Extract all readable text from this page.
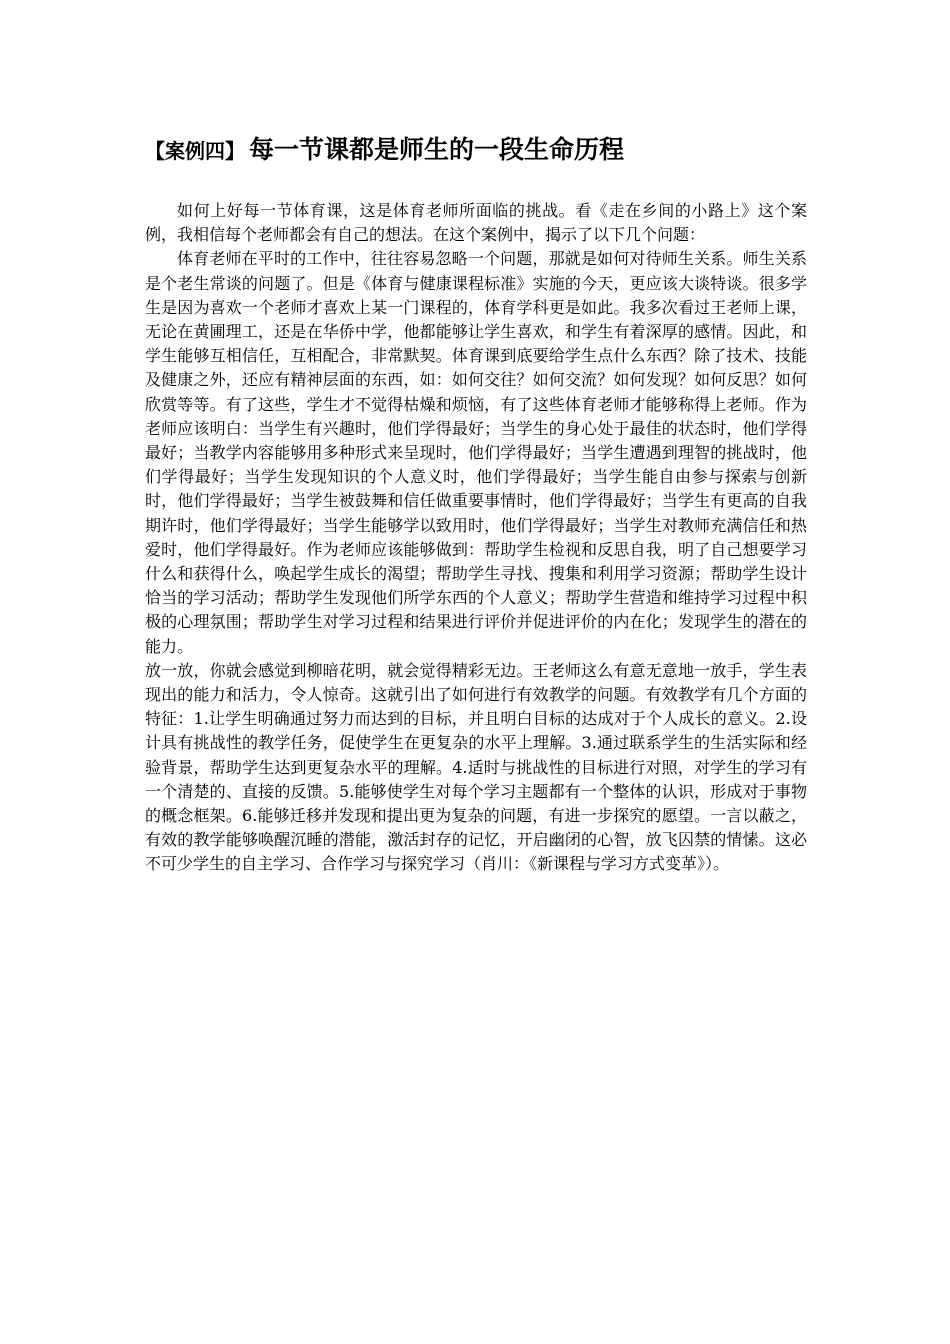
【案例四】 每一节课都是师生的一段生命历程

如何上好每一节体育课，这是体育老师所面临的挑战。看《走在乡间的小路上》这个案例，我相信每个老师都会有自己的想法。在这个案例中，揭示了以下几个问题：

体育老师在平时的工作中，往往容易忽略一个问题，那就是如何对待师生关系。师生关系是个老生常谈的问题了。但是《体育与健康课程标准》实施的今天，更应该大谈特谈。很多学生是因为喜欢一个老师才喜欢上某一门课程的，体育学科更是如此。我多次看过王老师上课，无论在黄圃理工，还是在华侨中学，他都能够让学生喜欢，和学生有着深厚的感情。因此，和学生能够互相信任，互相配合，非常默契。体育课到底要给学生点什么东西？除了技术、技能及健康之外，还应有精神层面的东西，如：如何交往？如何交流？如何发现？如何反思？如何欣赏等等。有了这些，学生才不觉得枯燥和烦恼，有了这些体育老师才能够称得上老师。作为老师应该明白：当学生有兴趣时，他们学得最好；当学生的身心处于最佳的状态时，他们学得最好；当教学内容能够用多种形式来呈现时，他们学得最好；当学生遭遇到理智的挑战时，他们学得最好；当学生发现知识的个人意义时，他们学得最好；当学生能自由参与探索与创新时，他们学得最好；当学生被鼓舞和信任做重要事情时，他们学得最好；当学生有更高的自我期许时，他们学得最好；当学生能够学以致用时，他们学得最好；当学生对教师充满信任和热爱时，他们学得最好。作为老师应该能够做到：帮助学生检视和反思自我，明了自己想要学习什么和获得什么，唤起学生成长的渴望；帮助学生寻找、搜集和利用学习资源；帮助学生设计恰当的学习活动；帮助学生发现他们所学东西的个人意义；帮助学生营造和维持学习过程中积极的心理氛围；帮助学生对学习过程和结果进行评价并促进评价的内在化；发现学生的潜在的能力。

放一放，你就会感觉到柳暗花明，就会觉得精彩无边。王老师这么有意无意地一放手，学生表现出的能力和活力，令人惊奇。这就引出了如何进行有效教学的问题。有效教学有几个方面的特征：1.让学生明确通过努力而达到的目标，并且明白目标的达成对于个人成长的意义。2.设计具有挑战性的教学任务，促使学生在更复杂的水平上理解。3.通过联系学生的生活实际和经验背景，帮助学生达到更复杂水平的理解。4.适时与挑战性的目标进行对照，对学生的学习有一个清楚的、直接的反馈。5.能够使学生对每个学习主题都有一个整体的认识，形成对于事物的概念框架。6.能够迁移并发现和提出更为复杂的问题，有进一步探究的愿望。一言以蔽之，有效的教学能够唤醒沉睡的潜能，激活封存的记忆，开启幽闭的心智，放飞囚禁的情愫。这必不可少学生的自主学习、合作学习与探究学习（肖川：《新课程与学习方式变革》）。
